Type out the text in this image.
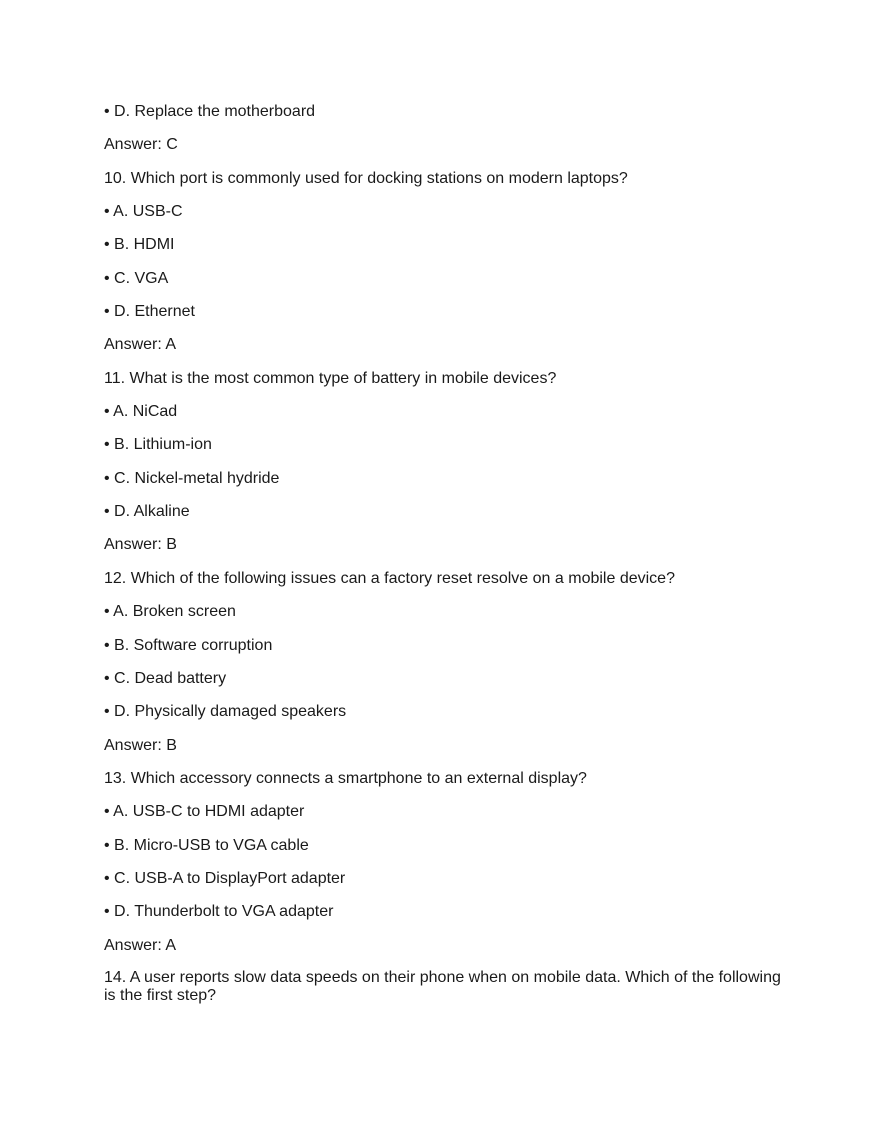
• D. Replace the motherboard
Answer: C
10. Which port is commonly used for docking stations on modern laptops?
• A. USB-C
• B. HDMI
• C. VGA
• D. Ethernet
Answer: A
11. What is the most common type of battery in mobile devices?
• A. NiCad
• B. Lithium-ion
• C. Nickel-metal hydride
• D. Alkaline
Answer: B
12. Which of the following issues can a factory reset resolve on a mobile device?
• A. Broken screen
• B. Software corruption
• C. Dead battery
• D. Physically damaged speakers
Answer: B
13. Which accessory connects a smartphone to an external display?
• A. USB-C to HDMI adapter
• B. Micro-USB to VGA cable
• C. USB-A to DisplayPort adapter
• D. Thunderbolt to VGA adapter
Answer: A
14. A user reports slow data speeds on their phone when on mobile data. Which of the following is the first step?
